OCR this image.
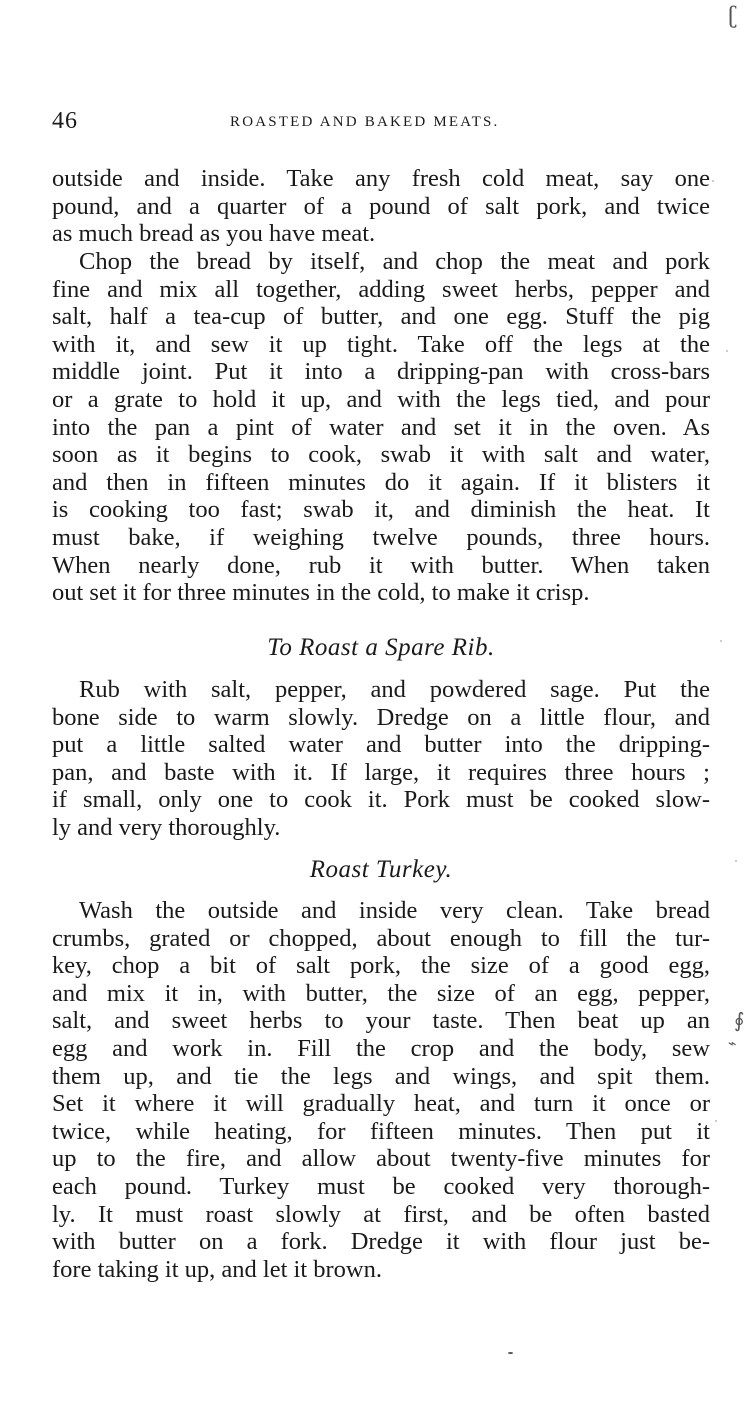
ʗ
∮
⌁
46	ROASTED AND BAKED MEATS.
outside and inside. Take any fresh cold meat, say one
pound, and a quarter of a pound of salt pork, and twice
as much bread as you have meat.
Chop the bread by itself, and chop the meat and pork
fine and mix all together, adding sweet herbs, pepper and
salt, half a tea-cup of butter, and one egg. Stuff the pig
with it, and sew it up tight. Take off the legs at the
middle joint. Put it into a dripping-pan with cross-bars
or a grate to hold it up, and with the legs tied, and pour
into the pan a pint of water and set it in the oven. As
soon as it begins to cook, swab it with salt and water,
and then in fifteen minutes do it again. If it blisters it
is cooking too fast; swab it, and diminish the heat. It
must bake, if weighing twelve pounds, three hours.
When nearly done, rub it with butter. When taken
out set it for three minutes in the cold, to make it crisp.
To Roast a Spare Rib.
Rub with salt, pepper, and powdered sage. Put the
bone side to warm slowly. Dredge on a little flour, and
put a little salted water and butter into the dripping-
pan, and baste with it. If large, it requires three hours ;
if small, only one to cook it. Pork must be cooked slow-
ly and very thoroughly.
Roast Turkey.
Wash the outside and inside very clean. Take bread
crumbs, grated or chopped, about enough to fill the tur-
key, chop a bit of salt pork, the size of a good egg,
and mix it in, with butter, the size of an egg, pepper,
salt, and sweet herbs to your taste. Then beat up an
egg and work in. Fill the crop and the body, sew
them up, and tie the legs and wings, and spit them.
Set it where it will gradually heat, and turn it once or
twice, while heating, for fifteen minutes. Then put it
up to the fire, and allow about twenty-five minutes for
each pound. Turkey must be cooked very thorough-
ly. It must roast slowly at first, and be often basted
with butter on a fork. Dredge it with flour just be-
fore taking it up, and let it brown.
